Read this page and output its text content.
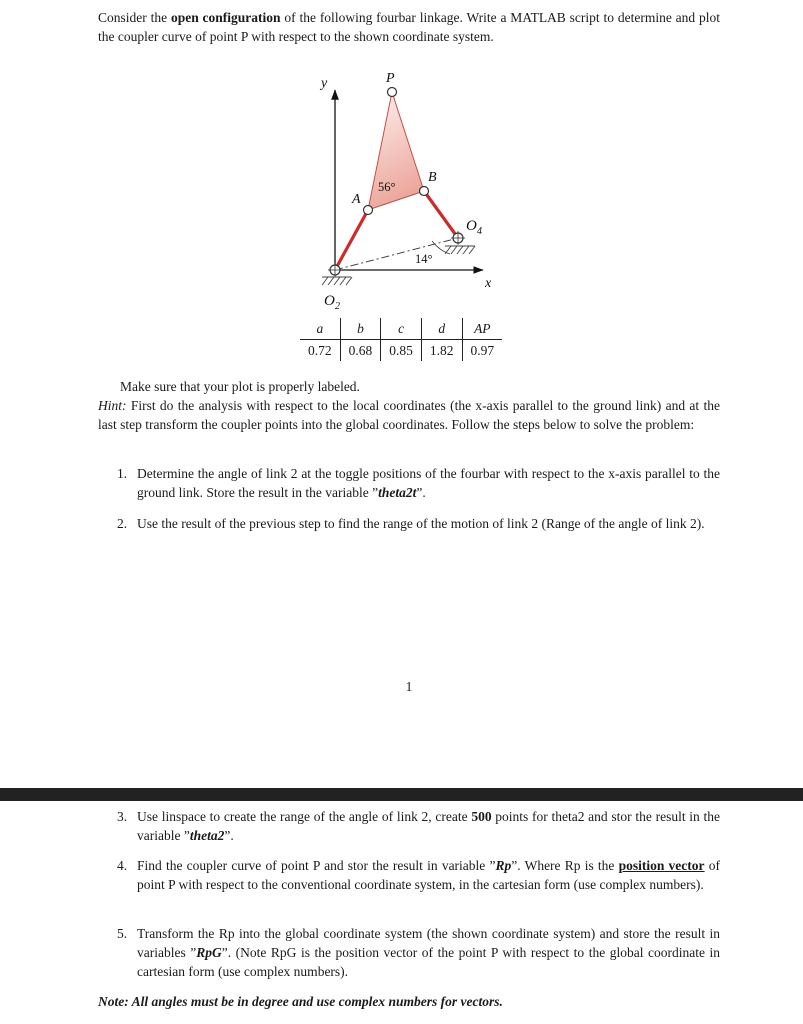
Consider the open configuration of the following fourbar linkage. Write a MATLAB script to determine and plot the coupler curve of point P with respect to the shown coordinate system.

y
x
P
A
B
O 2
O 4
56°
14°
a	b	c	d	AP
0.72	0.68	0.85	1.82	0.97

Make sure that your plot is properly labeled.

Hint: First do the analysis with respect to the local coordinates (the x-axis parallel to the ground link) and at the last step transform the coupler points into the global coordinates. Follow the steps below to solve the problem:

1. Determine the angle of link 2 at the toggle positions of the fourbar with respect to the x-axis parallel to the ground link. Store the result in the variable ”theta2t”.
2. Use the result of the previous step to find the range of the motion of link 2 (Range of the angle of link 2).
1
3. Use linspace to create the range of the angle of link 2, create 500 points for theta2 and stor the result in the variable ”theta2”.
4. Find the coupler curve of point P and stor the result in variable ”Rp”. Where Rp is the position vector of point P with respect to the conventional coordinate system, in the cartesian form (use complex numbers).
5. Transform the Rp into the global coordinate system (the shown coordinate system) and store the result in variables ”RpG”. (Note RpG is the position vector of the point P with respect to the global coordinate in cartesian form (use complex numbers).

Note: All angles must be in degree and use complex numbers for vectors.
